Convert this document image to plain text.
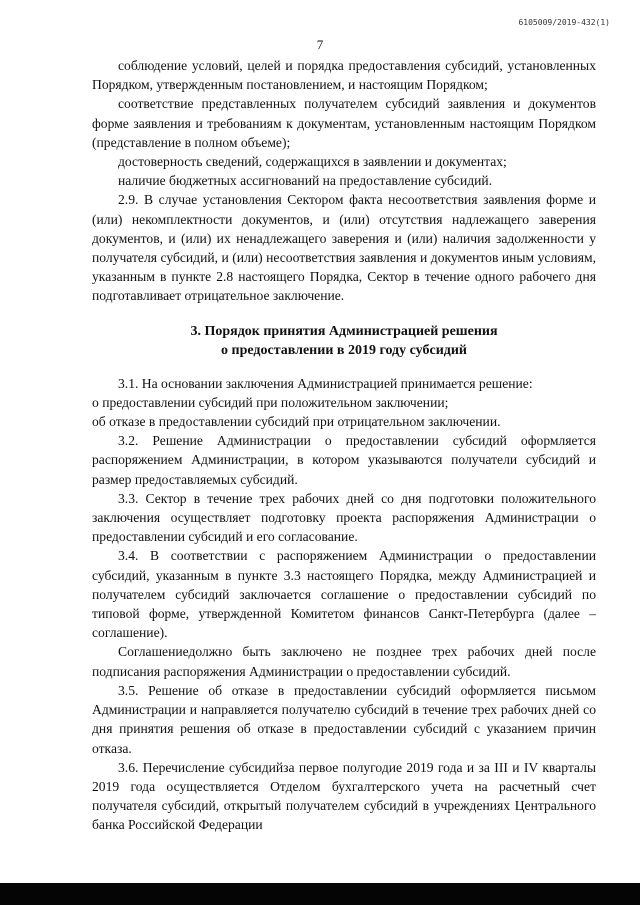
6105009/2019-432(1)
7

соблюдение условий, целей и порядка предоставления субсидий, установленных Порядком, утвержденным постановлением, и настоящим Порядком;

соответствие представленных получателем субсидий заявления и документов форме заявления и требованиям к документам, установленным настоящим Порядком (представление в полном объеме);

достоверность сведений, содержащихся в заявлении и документах;

наличие бюджетных ассигнований на предоставление субсидий.

2.9. В случае установления Сектором факта несоответствия заявления форме и (или) некомплектности документов, и (или) отсутствия надлежащего заверения документов, и (или) их ненадлежащего заверения и (или) наличия задолженности у получателя субсидий, и (или) несоответствия заявления и документов иным условиям, указанным в пункте 2.8 настоящего Порядка, Сектор в течение одного рабочего дня подготавливает отрицательное заключение.

3. Порядок принятия Администрацией решения

о предоставлении в 2019 году субсидий

3.1. На основании заключения Администрацией принимается решение:

о предоставлении субсидий при положительном заключении;

об отказе в предоставлении субсидий при отрицательном заключении.

3.2. Решение Администрации о предоставлении субсидий оформляется распоряжением Администрации, в котором указываются получатели субсидий и размер предоставляемых субсидий.

3.3. Сектор в течение трех рабочих дней со дня подготовки положительного заключения осуществляет подготовку проекта распоряжения Администрации о предоставлении субсидий и его согласование.

3.4. В соответствии с распоряжением Администрации о предоставлении субсидий, указанным в пункте 3.3 настоящего Порядка, между Администрацией и получателем субсидий заключается соглашение о предоставлении субсидий по типовой форме, утвержденной Комитетом финансов Санкт-Петербурга (далее – соглашение).

Соглашениедолжно быть заключено не позднее трех рабочих дней после подписания распоряжения Администрации о предоставлении субсидий.

3.5. Решение об отказе в предоставлении субсидий оформляется письмом Администрации и направляется получателю субсидий в течение трех рабочих дней со дня принятия решения об отказе в предоставлении субсидий с указанием причин отказа.

3.6. Перечисление субсидийза первое полугодие 2019 года и за III и IV кварталы 2019 года осуществляется Отделом бухгалтерского учета на расчетный счет получателя субсидий, открытый получателем субсидий в учреждениях Центрального банка Российской Федерации
